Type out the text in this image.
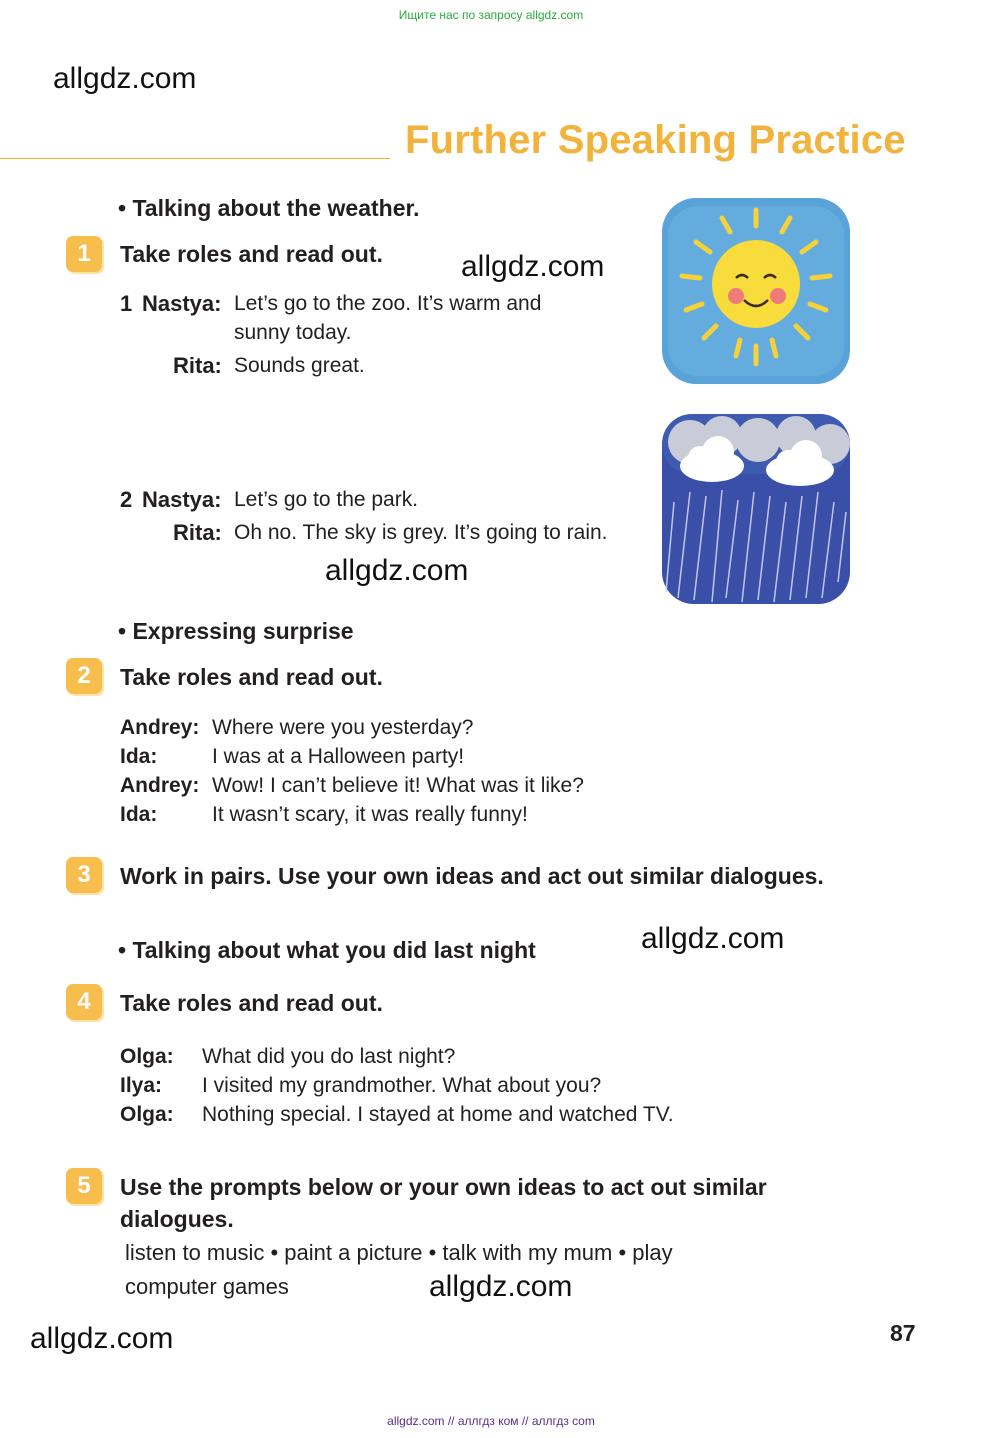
Ищите нас по запросу allgdz.com
allgdz.com
allgdz.com
allgdz.com
allgdz.com
allgdz.com
allgdz.com
Further Speaking Practice
• Talking about the weather.
1	Take roles and read out.
1 Nastya: Let’s go to the zoo. It’s warm and
sunny today.
Rita: Sounds great.
2 Nastya: Let’s go to the park.
Rita: Oh no. The sky is grey. It’s going to rain.
• Expressing surprise
2	Take roles and read out.
Andrey: Where were you yesterday?
Ida:	I was at a Halloween party!
Andrey: Wow! I can’t believe it! What was it like?
Ida:	It wasn’t scary, it was really funny!
3	Work in pairs. Use your own ideas and act out similar dialogues.
• Talking about what you did last night
4	Take roles and read out.
Olga: What did you do last night?
Ilya: I visited my grandmother. What about you?
Olga: Nothing special. I stayed at home and watched TV.
5	Use the prompts below or your own ideas to act out similar
dialogues.
listen to music • paint a picture • talk with my mum • play
computer games
87
allgdz.com // аллгдз ком // аллгдз com
